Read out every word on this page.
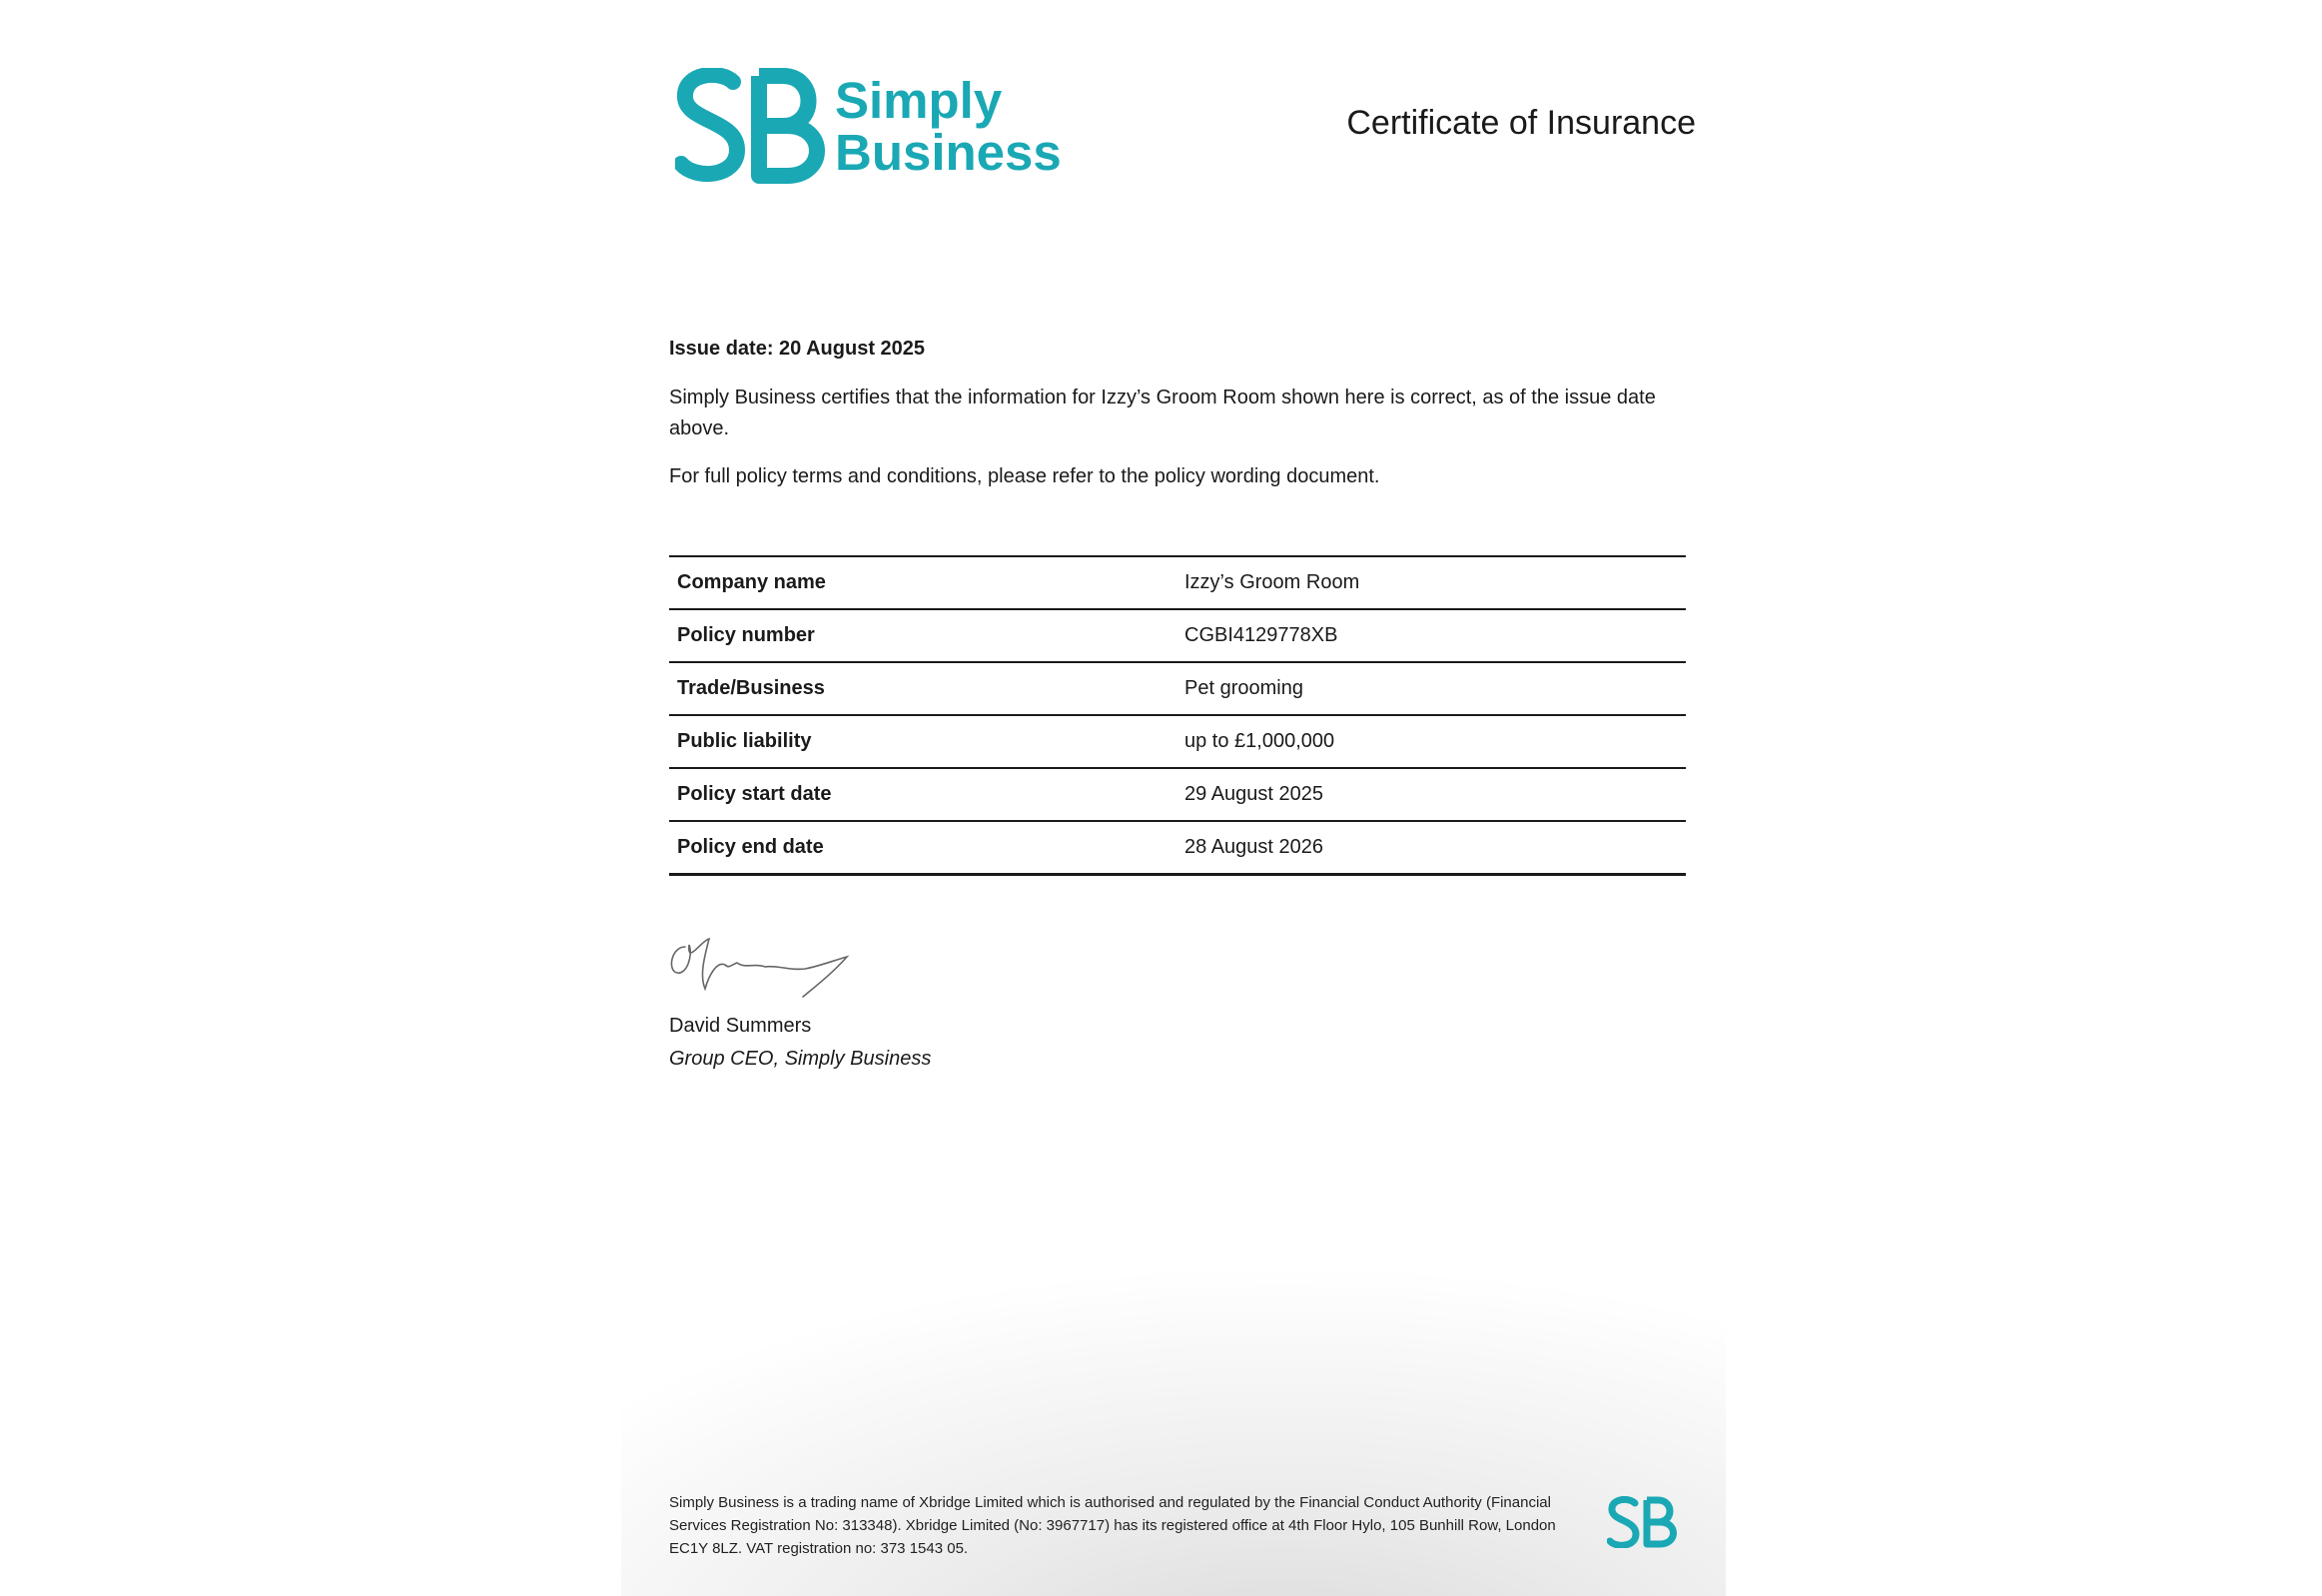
Simply
Business
Certificate of Insurance
Issue date: 20 August 2025

Simply Business certifies that the information for Izzy’s Groom Room shown here is correct, as of the issue date above.

For full policy terms and conditions, please refer to the policy wording document.

Company name	Izzy’s Groom Room
Policy number	CGBI4129778XB
Trade/Business	Pet grooming
Public liability	up to £1,000,000
Policy start date	29 August 2025
Policy end date	28 August 2026
David Summers
Group CEO, Simply Business

Simply Business is a trading name of Xbridge Limited which is authorised and regulated by the Financial Conduct Authority (Financial Services Registration No: 313348). Xbridge Limited (No: 3967717) has its registered office at 4th Floor Hylo, 105 Bunhill Row, London EC1Y 8LZ. VAT registration no: 373 1543 05.
